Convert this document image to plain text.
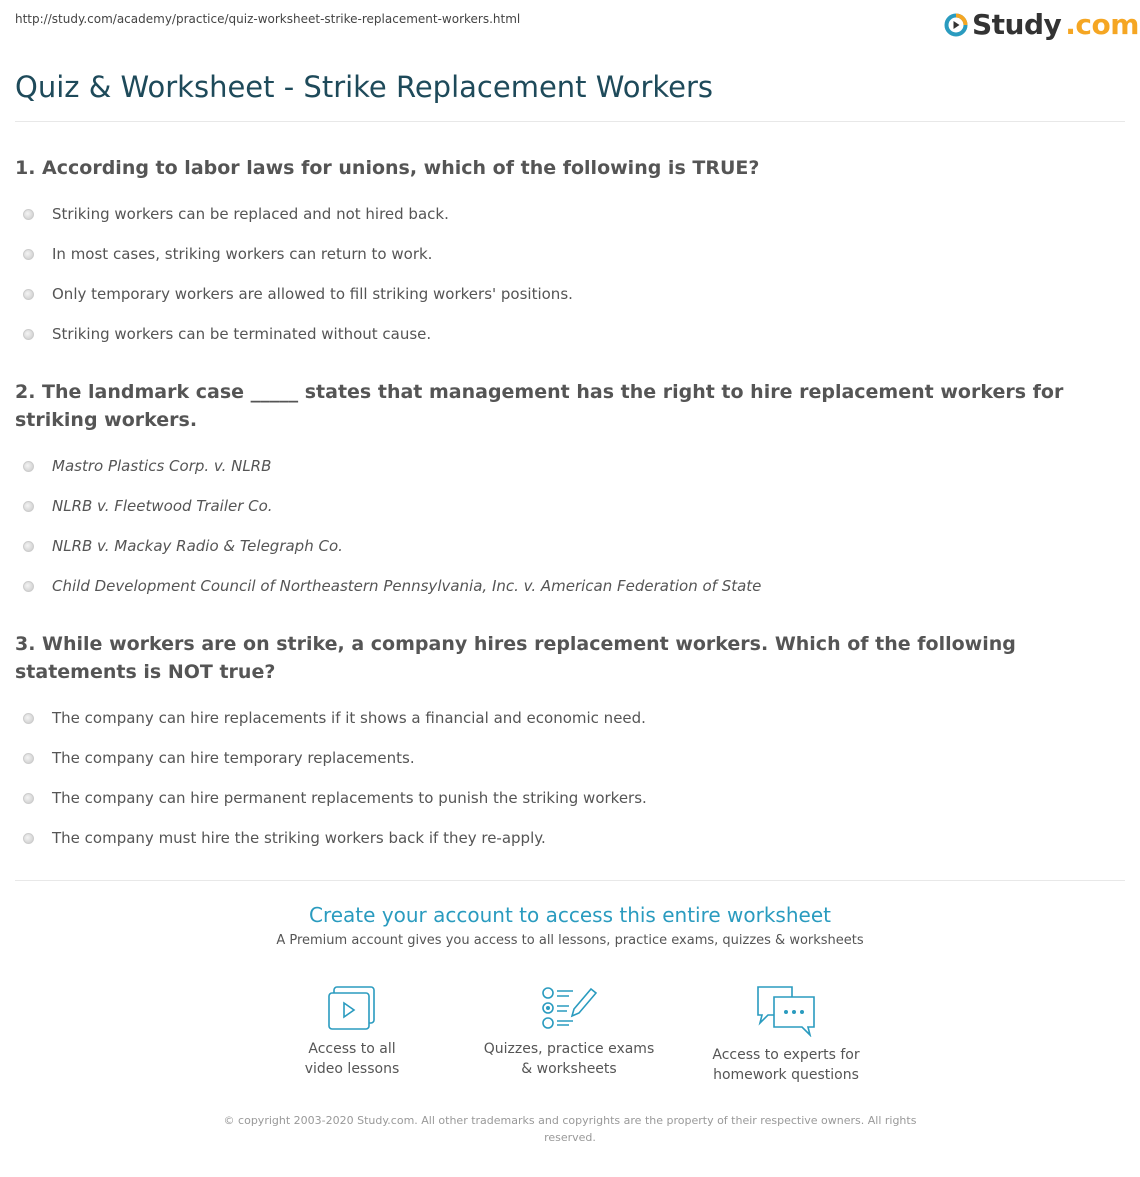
http://study.com/academy/practice/quiz-worksheet-strike-replacement-workers.html	Study .com
Quiz & Worksheet - Strike Replacement Workers
1. According to labor laws for unions, which of the following is TRUE?
Striking workers can be replaced and not hired back.
In most cases, striking workers can return to work.
Only temporary workers are allowed to fill striking workers' positions.
Striking workers can be terminated without cause.
2. The landmark case _____ states that management has the right to hire replacement workers for striking workers.
Mastro Plastics Corp. v. NLRB
NLRB v. Fleetwood Trailer Co.
NLRB v. Mackay Radio & Telegraph Co.
Child Development Council of Northeastern Pennsylvania, Inc. v. American Federation of State
3. While workers are on strike, a company hires replacement workers. Which of the following statements is NOT true?
The company can hire replacements if it shows a financial and economic need.
The company can hire temporary replacements.
The company can hire permanent replacements to punish the striking workers.
The company must hire the striking workers back if they re-apply.
Create your account to access this entire worksheet
A Premium account gives you access to all lessons, practice exams, quizzes & worksheets
Access to all
video lessons
Quizzes, practice exams
& worksheets
Access to experts for
homework questions
© copyright 2003-2020 Study.com. All other trademarks and copyrights are the property of their respective owners. All rights reserved.
